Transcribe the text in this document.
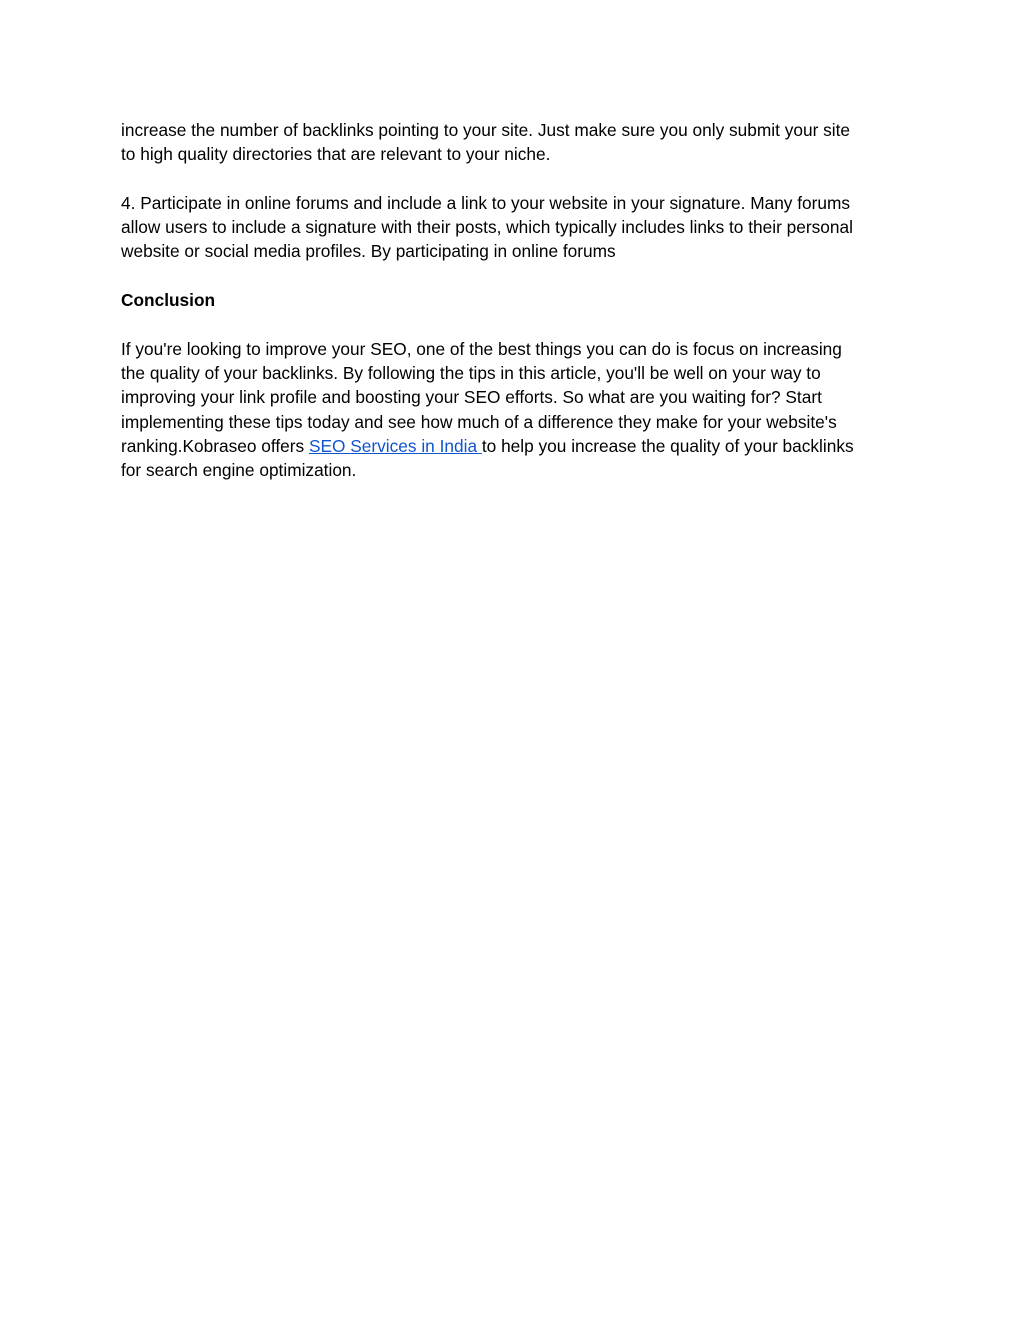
increase the number of backlinks pointing to your site. Just make sure you only submit your site
to high quality directories that are relevant to your niche.
4. Participate in online forums and include a link to your website in your signature. Many forums
allow users to include a signature with their posts, which typically includes links to their personal
website or social media profiles. By participating in online forums
Conclusion
If you're looking to improve your SEO, one of the best things you can do is focus on increasing
the quality of your backlinks. By following the tips in this article, you'll be well on your way to
improving your link profile and boosting your SEO efforts. So what are you waiting for? Start
implementing these tips today and see how much of a difference they make for your website's
ranking.Kobraseo offers SEO Services in India to help you increase the quality of your backlinks
for search engine optimization.
